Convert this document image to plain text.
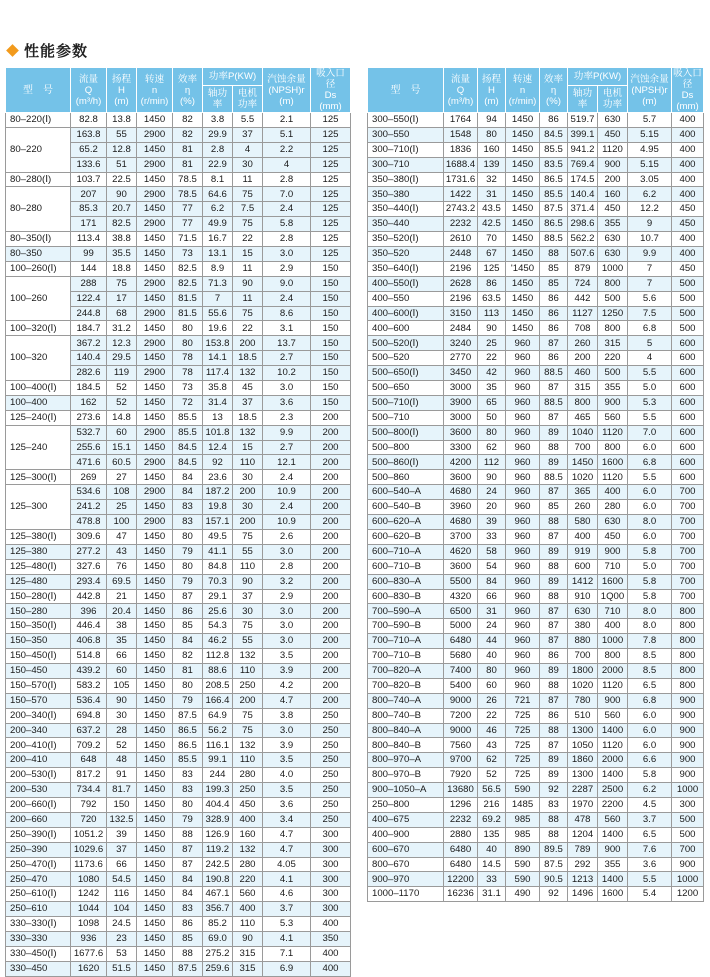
性能参数
型　号	流量
Q
(m³/h)	扬程
H
(m)	转速
n
(r/min)	效率
η
(%)	功率P(KW)		汽蚀余量
(NPSH)r
(m)	吸入口径
Ds
(mm)
					轴功率	电机功率		
80–220(Ⅰ)	82.8	13.8	1450	82	3.8	5.5	2.1	125
80–220	163.8	55	2900	82	29.9	37	5.1	125
	65.2	12.8	1450	81	2.8	4	2.2	125
	133.6	51	2900	81	22.9	30	4	125
80–280(Ⅰ)	103.7	22.5	1450	78.5	8.1	11	2.8	125
80–280	207	90	2900	78.5	64.6	75	7.0	125
	85.3	20.7	1450	77	6.2	7.5	2.4	125
	171	82.5	2900	77	49.9	75	5.8	125
80–350(Ⅰ)	113.4	38.8	1450	71.5	16.7	22	2.8	125
80–350	99	35.5	1450	73	13.1	15	3.0	125
100–260(Ⅰ)	144	18.8	1450	82.5	8.9	11	2.9	150
100–260	288	75	2900	82.5	71.3	90	9.0	150
	122.4	17	1450	81.5	7	11	2.4	150
	244.8	68	2900	81.5	55.6	75	8.6	150
100–320(Ⅰ)	184.7	31.2	1450	80	19.6	22	3.1	150
100–320	367.2	12.3	2900	80	153.8	200	13.7	150
	140.4	29.5	1450	78	14.1	18.5	2.7	150
	282.6	119	2900	78	117.4	132	10.2	150
100–400(Ⅰ)	184.5	52	1450	73	35.8	45	3.0	150
100–400	162	52	1450	72	31.4	37	3.6	150
125–240(Ⅰ)	273.6	14.8	1450	85.5	13	18.5	2.3	200
125–240	532.7	60	2900	85.5	101.8	132	9.9	200
	255.6	15.1	1450	84.5	12.4	15	2.7	200
	471.6	60.5	2900	84.5	92	110	12.1	200
125–300(Ⅰ)	269	27	1450	84	23.6	30	2.4	200
125–300	534.6	108	2900	84	187.2	200	10.9	200
	241.2	25	1450	83	19.8	30	2.4	200
	478.8	100	2900	83	157.1	200	10.9	200
125–380(Ⅰ)	309.6	47	1450	80	49.5	75	2.6	200
125–380	277.2	43	1450	79	41.1	55	3.0	200
125–480(Ⅰ)	327.6	76	1450	80	84.8	110	2.8	200
125–480	293.4	69.5	1450	79	70.3	90	3.2	200
150–280(Ⅰ)	442.8	21	1450	87	29.1	37	2.9	200
150–280	396	20.4	1450	86	25.6	30	3.0	200
150–350(Ⅰ)	446.4	38	1450	85	54.3	75	3.0	200
150–350	406.8	35	1450	84	46.2	55	3.0	200
150–450(Ⅰ)	514.8	66	1450	82	112.8	132	3.5	200
150–450	439.2	60	1450	81	88.6	110	3.9	200
150–570(Ⅰ)	583.2	105	1450	80	208.5	250	4.2	200
150–570	536.4	90	1450	79	166.4	200	4.7	200
200–340(Ⅰ)	694.8	30	1450	87.5	64.9	75	3.8	250
200–340	637.2	28	1450	86.5	56.2	75	3.0	250
200–410(Ⅰ)	709.2	52	1450	86.5	116.1	132	3.9	250
200–410	648	48	1450	85.5	99.1	110	3.5	250
200–530(Ⅰ)	817.2	91	1450	83	244	280	4.0	250
200–530	734.4	81.7	1450	83	199.3	250	3.5	250
200–660(Ⅰ)	792	150	1450	80	404.4	450	3.6	250
200–660	720	132.5	1450	79	328.9	400	3.4	250
250–390(Ⅰ)	1051.2	39	1450	88	126.9	160	4.7	300
250–390	1029.6	37	1450	87	119.2	132	4.7	300
250–470(Ⅰ)	1173.6	66	1450	87	242.5	280	4.05	300
250–470	1080	54.5	1450	84	190.8	220	4.1	300
250–610(Ⅰ)	1242	116	1450	84	467.1	560	4.6	300
250–610	1044	104	1450	83	356.7	400	3.7	300
330–330(Ⅰ)	1098	24.5	1450	86	85.2	110	5.3	400
330–330	936	23	1450	85	69.0	90	4.1	350
330–450(Ⅰ)	1677.6	53	1450	88	275.2	315	7.1	400
330–450	1620	51.5	1450	87.5	259.6	315	6.9	400
型　号	流量
Q
(m³/h)	扬程
H
(m)	转速
n
(r/min)	效率
η
(%)	功率P(KW)		汽蚀余量
(NPSH)r
(m)	吸入口径
Ds
(mm)
					轴功率	电机功率		
300–550(Ⅰ)	1764	94	1450	86	519.7	630	5.7	400
300–550	1548	80	1450	84.5	399.1	450	5.15	400
300–710(Ⅰ)	1836	160	1450	85.5	941.2	1120	4.95	400
300–710	1688.4	139	1450	83.5	769.4	900	5.15	400
350–380(Ⅰ)	1731.6	32	1450	86.5	174.5	200	3.05	400
350–380	1422	31	1450	85.5	140.4	160	6.2	400
350–440(Ⅰ)	2743.2	43.5	1450	87.5	371.4	450	12.2	450
350–440	2232	42.5	1450	86.5	298.6	355	9	450
350–520(Ⅰ)	2610	70	1450	88.5	562.2	630	10.7	400
350–520	2448	67	1450	88	507.6	630	9.9	400
350–640(Ⅰ)	2196	125	'1450	85	879	1000	7	450
400–550(Ⅰ)	2628	86	1450	85	724	800	7	500
400–550	2196	63.5	1450	86	442	500	5.6	500
400–600(Ⅰ)	3150	113	1450	86	1127	1250	7.5	500
400–600	2484	90	1450	86	708	800	6.8	500
500–520(Ⅰ)	3240	25	960	87	260	315	5	600
500–520	2770	22	960	86	200	220	4	600
500–650(Ⅰ)	3450	42	960	88.5	460	500	5.5	600
500–650	3000	35	960	87	315	355	5.0	600
500–710(Ⅰ)	3900	65	960	88.5	800	900	5.3	600
500–710	3000	50	960	87	465	560	5.5	600
500–800(Ⅰ)	3600	80	960	89	1040	1120	7.0	600
500–800	3300	62	960	88	700	800	6.0	600
500–860(Ⅰ)	4200	112	960	89	1450	1600	6.8	600
500–860	3600	90	960	88.5	1020	1120	5.5	600
600–540–A	4680	24	960	87	365	400	6.0	700
600–540–B	3960	20	960	85	260	280	6.0	700
600–620–A	4680	39	960	88	580	630	8.0	700
600–620–B	3700	33	960	87	400	450	6.0	700
600–710–A	4620	58	960	89	919	900	5.8	700
600–710–B	3600	54	960	88	600	710	5.0	700
600–830–A	5500	84	960	89	1412	1600	5.8	700
600–830–B	4320	66	960	88	910	1Q00	5.8	700
700–590–A	6500	31	960	87	630	710	8.0	800
700–590–B	5000	24	960	87	380	400	8.0	800
700–710–A	6480	44	960	87	880	1000	7.8	800
700–710–B	5680	40	960	86	700	800	8.5	800
700–820–A	7400	80	960	89	1800	2000	8.5	800
700–820–B	5400	60	960	88	1020	1120	6.5	800
800–740–A	9000	26	721	87	780	900	6.8	900
800–740–B	7200	22	725	86	510	560	6.0	900
800–840–A	9000	46	725	88	1300	1400	6.0	900
800–840–B	7560	43	725	87	1050	1120	6.0	900
800–970–A	9700	62	725	89	1860	2000	6.6	900
800–970–B	7920	52	725	89	1300	1400	5.8	900
900–1050–A	13680	56.5	590	92	2287	2500	6.2	1000
250–800	1296	216	1485	83	1970	2200	4.5	300
400–675	2232	69.2	985	88	478	560	3.7	500
400–900	2880	135	985	88	1204	1400	6.5	500
600–670	6480	40	890	89.5	789	900	7.6	700
800–670	6480	14.5	590	87.5	292	355	3.6	900
900–970	12200	33	590	90.5	1213	1400	5.5	1000
1000–1170	16236	31.1	490	92	1496	1600	5.4	1200
